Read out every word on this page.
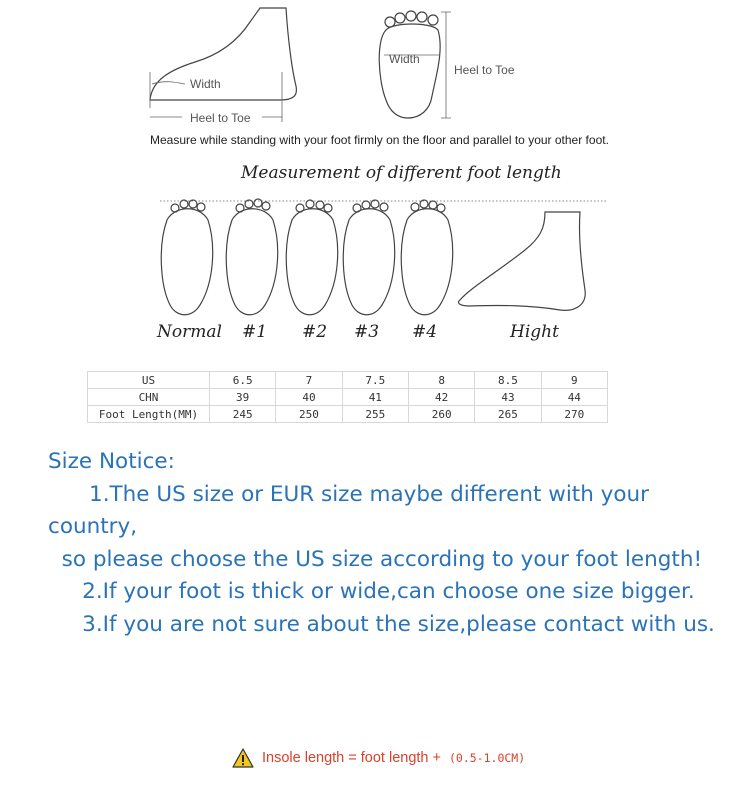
Width
Heel to Toe
Width
Heel to Toe
Measure while standing with your foot firmly on the floor and parallel to your other foot.
Measurement of different foot length
Normal #1 #2 #3 #4	Hight
US	6.5	7	7.5	8	8.5	9
CHN	39	40	41	42	43	44
Foot Length(MM)	245	250	255	260	265	270

Size Notice:

1.The US size or EUR size maybe different with your country,

so please choose the US size according to your foot length!

2.If your foot is thick or wide,can choose one size bigger.

3.If you are not sure about the size,please contact with us.

Insole length = foot length + (0.5-1.0CM)
